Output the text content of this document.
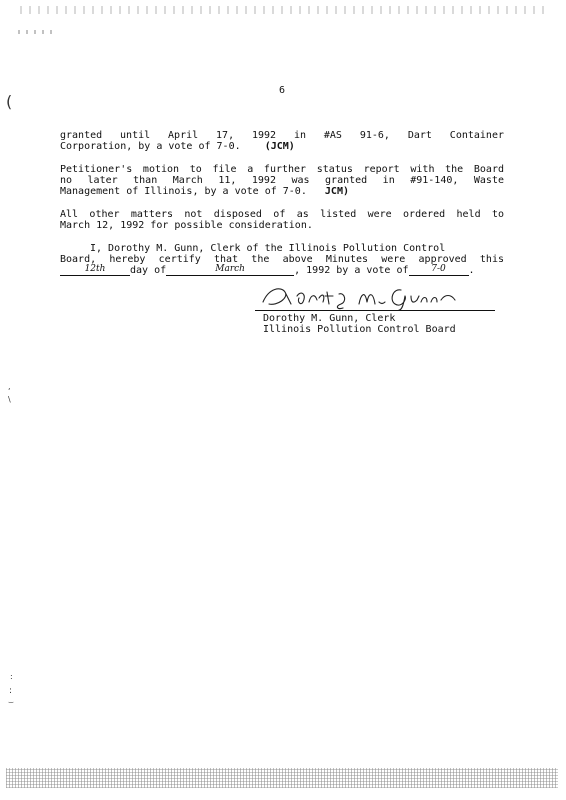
(
,
\
:
:
⌣
6
granted until April 17, 1992 in #AS 91-6, Dart Container
Corporation, by a vote of 7-0. (JCM)
Petitioner's motion to file a further status report with the Board
no later than March 11, 1992 was granted in #91-140, Waste
Management of Illinois, by a vote of 7-0. JCM)
All other matters not disposed of as listed were ordered held to
March 12, 1992 for possible consideration.
I, Dorothy M. Gunn, Clerk of the Illinois Pollution Control
Board, hereby certify that the above Minutes were approved this
12th day of	March	, 1992 by a vote of	7-0 .
Dorothy M. Gunn, Clerk
Illinois Pollution Control Board
